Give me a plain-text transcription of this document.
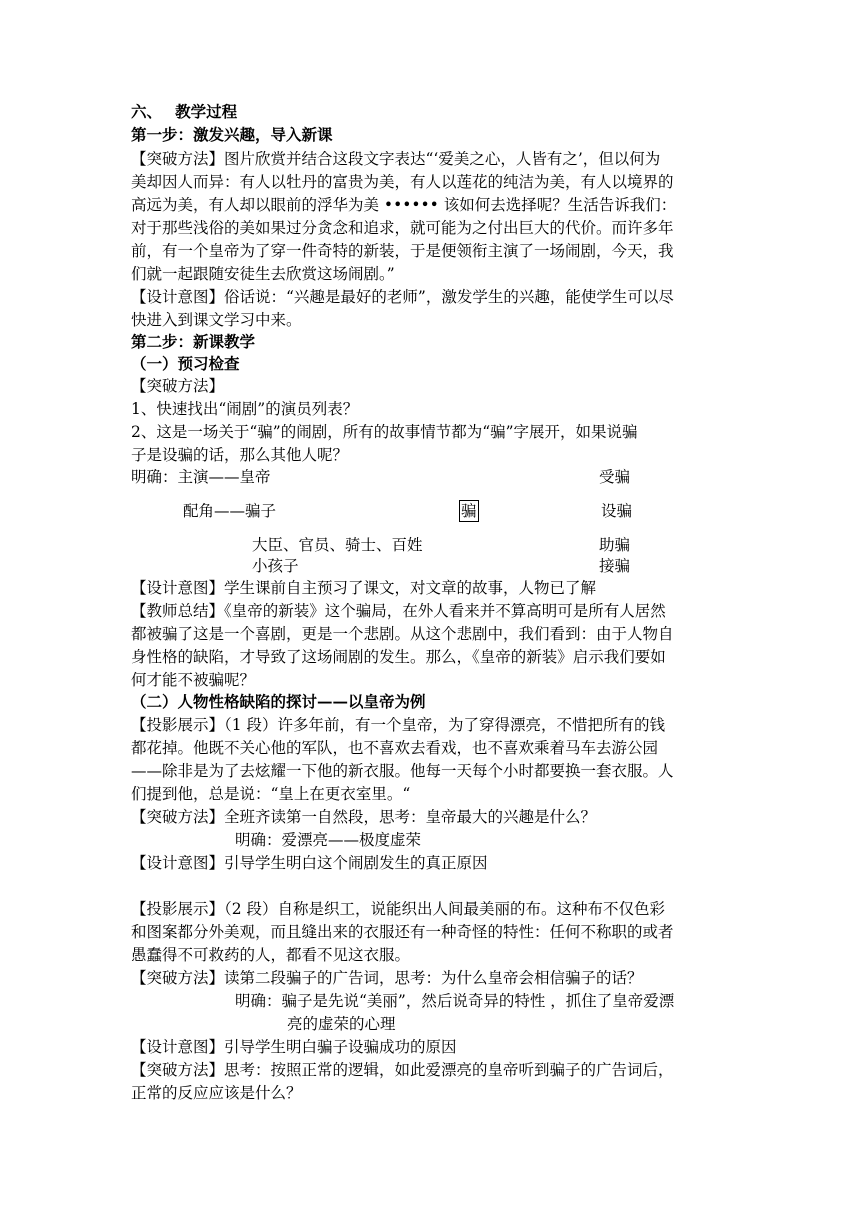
六、　 教学过程
第一步：激发兴趣，导入新课
【突破方法】图片欣赏并结合这段文字表达“‘爱美之心，人皆有之’，但以何为
美却因人而异：有人以牡丹的富贵为美，有人以莲花的纯洁为美，有人以境界的
高远为美，有人却以眼前的浮华为美 •••••• 该如何去选择呢？生活告诉我们：
对于那些浅俗的美如果过分贪念和追求，就可能为之付出巨大的代价。而许多年
前，有一个皇帝为了穿一件奇特的新装，于是便领衔主演了一场闹剧，今天，我
们就一起跟随安徒生去欣赏这场闹剧。”
【设计意图】俗话说：“兴趣是最好的老师”，激发学生的兴趣，能使学生可以尽
快进入到课文学习中来。
第二步：新课教学
（一）预习检查
【突破方法】
1、快速找出“闹剧”的演员列表？
2、这是一场关于“骗”的闹剧，所有的故事情节都为“骗”字展开，如果说骗
子是设骗的话，那么其他人呢？
明确：主演——皇帝	受骗
配角——骗子	骗	设骗
大臣、官员、骑士、百姓	助骗
小孩子	接骗
【设计意图】学生课前自主预习了课文，对文章的故事，人物已了解
【教师总结】《皇帝的新装》这个骗局，在外人看来并不算高明可是所有人居然
都被骗了这是一个喜剧，更是一个悲剧。从这个悲剧中，我们看到：由于人物自
身性格的缺陷，才导致了这场闹剧的发生。那么，《皇帝的新装》启示我们要如
何才能不被骗呢？
（二）人物性格缺陷的探讨——以皇帝为例
【投影展示】（1 段）许多年前，有一个皇帝，为了穿得漂亮，不惜把所有的钱
都花掉。他既不关心他的军队，也不喜欢去看戏，也不喜欢乘着马车去游公园
——除非是为了去炫耀一下他的新衣服。他每一天每个小时都要换一套衣服。人
们提到他，总是说：“皇上在更衣室里。“
【突破方法】全班齐读第一自然段，思考：皇帝最大的兴趣是什么？
明确：爱漂亮——极度虚荣
【设计意图】引导学生明白这个闹剧发生的真正原因
【投影展示】（2 段）自称是织工，说能织出人间最美丽的布。这种布不仅色彩
和图案都分外美观，而且缝出来的衣服还有一种奇怪的特性：任何不称职的或者
愚蠢得不可救药的人，都看不见这衣服。
【突破方法】读第二段骗子的广告词，思考：为什么皇帝会相信骗子的话？
明确：骗子是先说“美丽”，然后说奇异的特性 ，抓住了皇帝爱漂
亮的虚荣的心理
【设计意图】引导学生明白骗子设骗成功的原因
【突破方法】思考：按照正常的逻辑，如此爱漂亮的皇帝听到骗子的广告词后，
正常的反应应该是什么？
